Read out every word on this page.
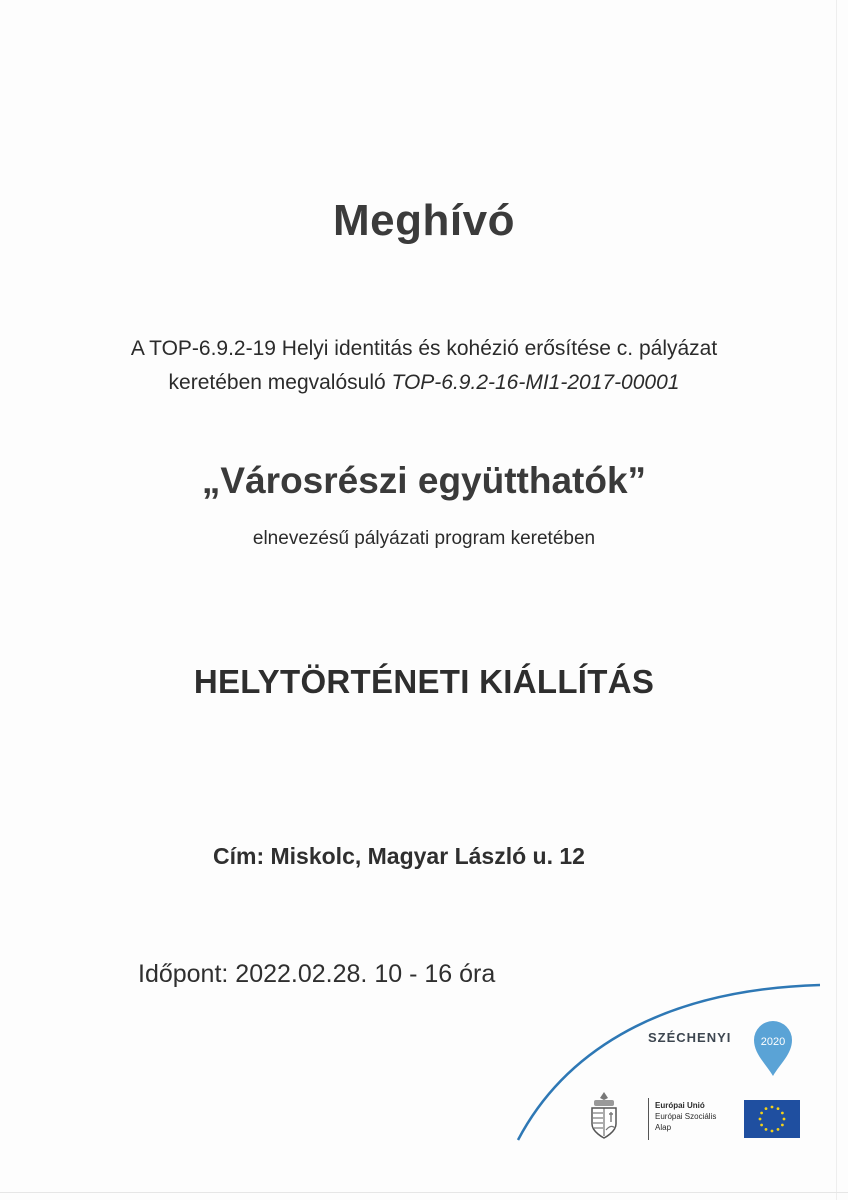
Meghívó
A TOP-6.9.2-19 Helyi identitás és kohézió erősítése c. pályázat
keretében megvalósuló TOP-6.9.2-16-MI1-2017-00001
„Városrészi együtthatók”
elnevezésű pályázati program keretében
HELYTÖRTÉNETI KIÁLLÍTÁS
Cím: Miskolc, Magyar László u. 12
Időpont: 2022.02.28. 10 - 16 óra
SZÉCHENYI	2020
Európai Unió
Európai Szociális
Alap
